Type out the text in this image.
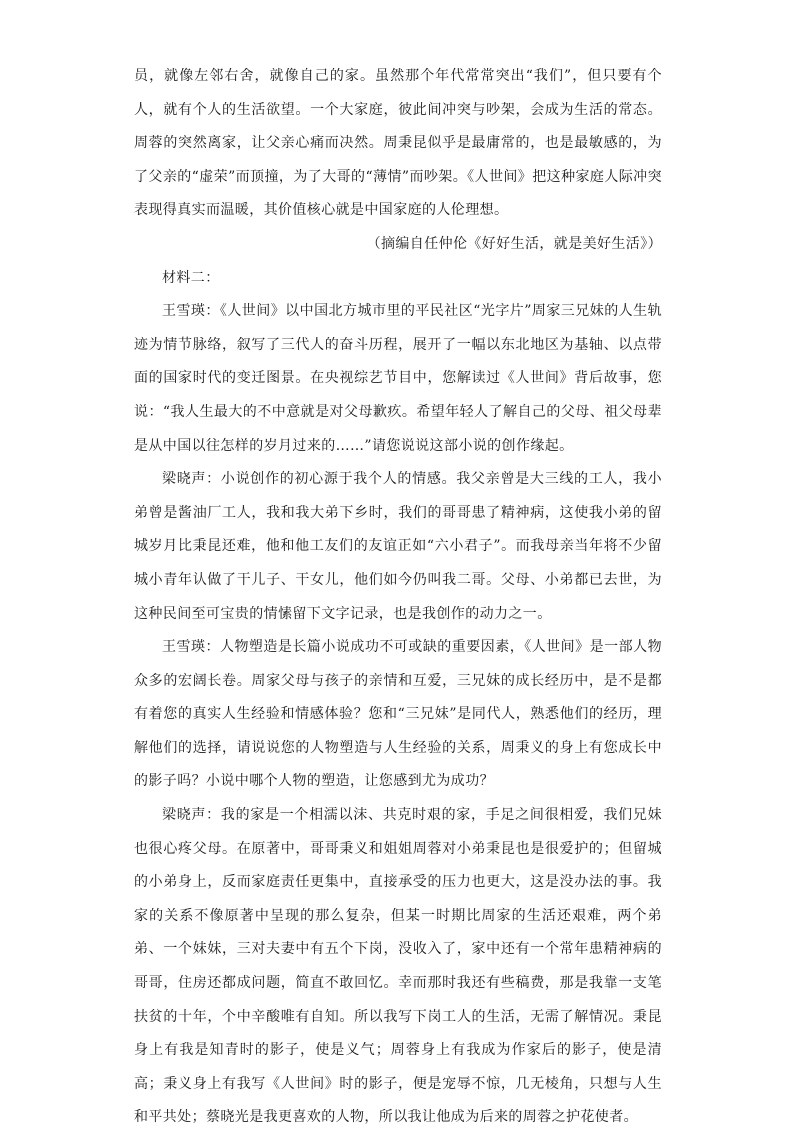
员，就像左邻右舍，就像自己的家。虽然那个年代常常突出“我们”，但只要有个人，就有个人的生活欲望。一个大家庭，彼此间冲突与吵架，会成为生活的常态。周蓉的突然离家，让父亲心痛而决然。周秉昆似乎是最庸常的，也是最敏感的，为了父亲的“虚荣”而顶撞，为了大哥的“薄情”而吵架。《人世间》把这种家庭人际冲突表现得真实而温暖，其价值核心就是中国家庭的人伦理想。

（摘编自任仲伦《好好生活，就是美好生活》）

材料二：

王雪瑛：《人世间》以中国北方城市里的平民社区“光字片”周家三兄妹的人生轨迹为情节脉络，叙写了三代人的奋斗历程，展开了一幅以东北地区为基轴、以点带面的国家时代的变迁图景。在央视综艺节目中，您解读过《人世间》背后故事，您说：“我人生最大的不中意就是对父母歉疚。希望年轻人了解自己的父母、祖父母辈是从中国以往怎样的岁月过来的……”请您说说这部小说的创作缘起。

梁晓声：小说创作的初心源于我个人的情感。我父亲曾是大三线的工人，我小弟曾是酱油厂工人，我和我大弟下乡时，我们的哥哥患了精神病，这使我小弟的留城岁月比秉昆还难，他和他工友们的友谊正如“六小君子”。而我母亲当年将不少留城小青年认做了干儿子、干女儿，他们如今仍叫我二哥。父母、小弟都已去世，为这种民间至可宝贵的情愫留下文字记录，也是我创作的动力之一。

王雪瑛：人物塑造是长篇小说成功不可或缺的重要因素，《人世间》是一部人物众多的宏阔长卷。周家父母与孩子的亲情和互爱，三兄妹的成长经历中，是不是都有着您的真实人生经验和情感体验？您和“三兄妹”是同代人，熟悉他们的经历，理解他们的选择，请说说您的人物塑造与人生经验的关系，周秉义的身上有您成长中的影子吗？小说中哪个人物的塑造，让您感到尤为成功？

梁晓声：我的家是一个相濡以沫、共克时艰的家，手足之间很相爱，我们兄妹也很心疼父母。在原著中，哥哥秉义和姐姐周蓉对小弟秉昆也是很爱护的；但留城的小弟身上，反而家庭责任更集中，直接承受的压力也更大，这是没办法的事。我家的关系不像原著中呈现的那么复杂，但某一时期比周家的生活还艰难，两个弟弟、一个妹妹，三对夫妻中有五个下岗，没收入了，家中还有一个常年患精神病的哥哥，住房还都成问题，简直不敢回忆。幸而那时我还有些稿费，那是我靠一支笔扶贫的十年，个中辛酸唯有自知。所以我写下岗工人的生活，无需了解情况。秉昆身上有我是知青时的影子，使是义气；周蓉身上有我成为作家后的影子，使是清高；秉义身上有我写《人世间》时的影子，便是宠辱不惊，几无棱角，只想与人生和平共处；蔡晓光是我更喜欢的人物，所以我让他成为后来的周蓉之护花使者。
